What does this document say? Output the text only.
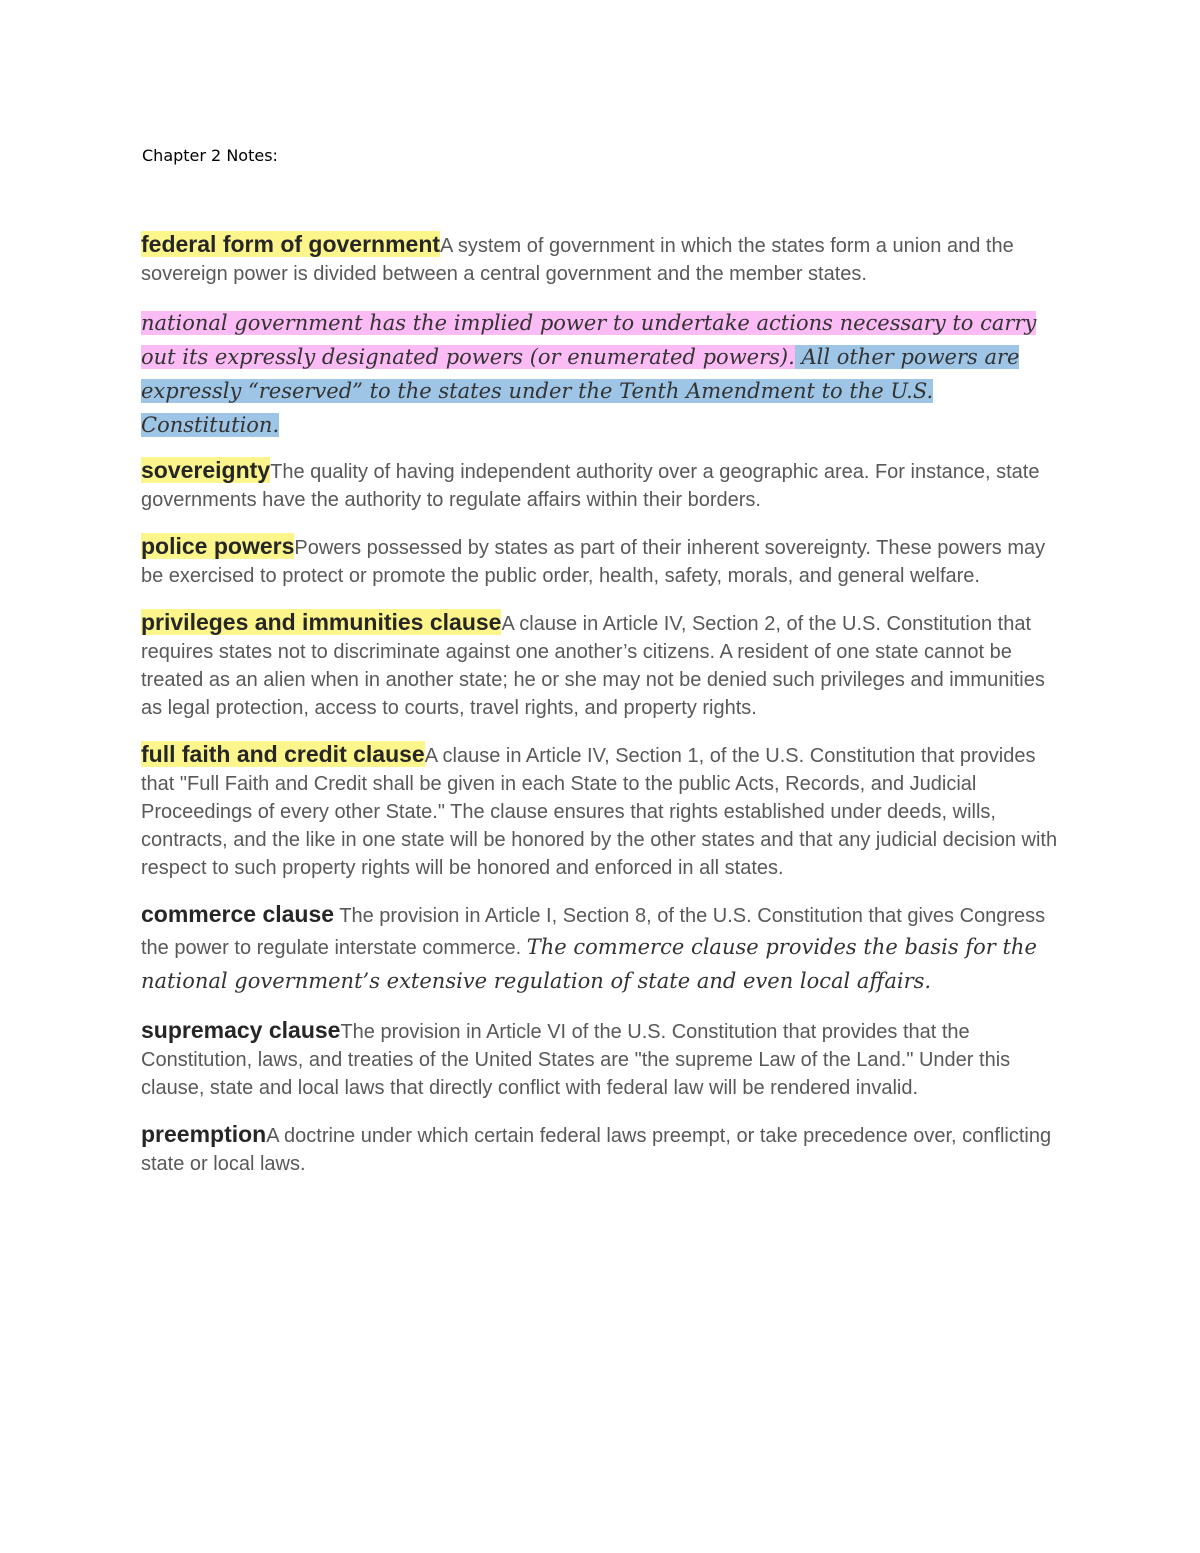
Chapter 2 Notes:

federal form of governmentA system of government in which the states form a union and the sovereign power is divided between a central government and the member states.

national government has the implied power to undertake actions necessary to carry out its expressly designated powers (or enumerated powers). All other powers are expressly “reserved” to the states under the Tenth Amendment to the U.S. Constitution.

sovereigntyThe quality of having independent authority over a geographic area. For instance, state governments have the authority to regulate affairs within their borders.

police powersPowers possessed by states as part of their inherent sovereignty. These powers may be exercised to protect or promote the public order, health, safety, morals, and general welfare.

privileges and immunities clauseA clause in Article IV, Section 2, of the U.S. Constitution that requires states not to discriminate against one another’s citizens. A resident of one state cannot be treated as an alien when in another state; he or she may not be denied such privileges and immunities as legal protection, access to courts, travel rights, and property rights.

full faith and credit clauseA clause in Article IV, Section 1, of the U.S. Constitution that provides that "Full Faith and Credit shall be given in each State to the public Acts, Records, and Judicial Proceedings of every other State." The clause ensures that rights established under deeds, wills, contracts, and the like in one state will be honored by the other states and that any judicial decision with respect to such property rights will be honored and enforced in all states.

commerce clause The provision in Article I, Section 8, of the U.S. Constitution that gives Congress the power to regulate interstate commerce. The commerce clause provides the basis for the national government’s extensive regulation of state and even local affairs.

supremacy clauseThe provision in Article VI of the U.S. Constitution that provides that the Constitution, laws, and treaties of the United States are "the supreme Law of the Land." Under this clause, state and local laws that directly conflict with federal law will be rendered invalid.

preemptionA doctrine under which certain federal laws preempt, or take precedence over, conflicting state or local laws.
